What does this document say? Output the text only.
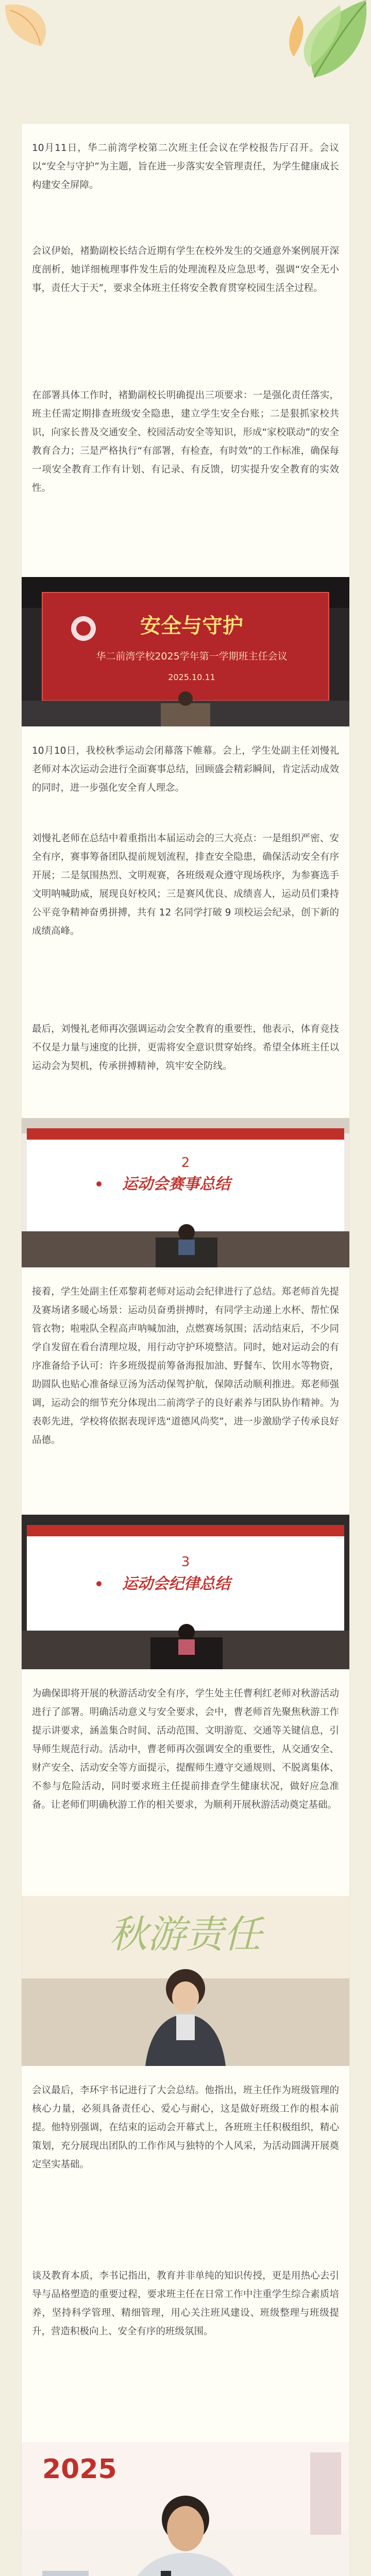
10月11日，华二前湾学校第二次班主任会议在学校报告厅召开。会议以“安全与守护”为主题，旨在进一步落实安全管理责任，为学生健康成长构建安全屏障。
会议伊始，褚勤副校长结合近期有学生在校外发生的交通意外案例展开深度剖析，她详细梳理事件发生后的处理流程及应急思考，强调“安全无小事，责任大于天”，要求全体班主任将安全教育贯穿校园生活全过程。
在部署具体工作时，褚勤副校长明确提出三项要求：一是强化责任落实，班主任需定期排查班级安全隐患，建立学生安全台账；二是狠抓家校共识，向家长普及交通安全、校园活动安全等知识，形成“家校联动”的安全教育合力；三是严格执行“有部署，有检查，有时效”的工作标准，确保每一项安全教育工作有计划、有记录、有反馈，切实提升安全教育的实效性。
安全与守护
华二前湾学校2025学年第一学期班主任会议
2025.10.11
10月10日，我校秋季运动会闭幕落下帷幕。会上，学生处副主任刘慢礼老师对本次运动会进行全面赛事总结，回顾盛会精彩瞬间，肯定活动成效的同时，进一步强化安全育人理念。
刘慢礼老师在总结中着重指出本届运动会的三大亮点：一是组织严密、安全有序，赛事筹备团队提前规划流程，排查安全隐患，确保活动安全有序开展；二是氛围热烈、文明观赛，各班级观众遵守现场秩序，为参赛选手文明呐喊助威，展现良好校风；三是赛风优良、成绩喜人，运动员们秉持公平竞争精神奋勇拼搏，共有 12 名同学打破 9 项校运会纪录，创下新的成绩高峰。
最后，刘慢礼老师再次强调运动会安全教育的重要性，他表示，体育竞技不仅是力量与速度的比拼，更需将安全意识贯穿始终。希望全体班主任以运动会为契机，传承拼搏精神，筑牢安全防线。
2
运动会赛事总结
接着，学生处副主任邓黎莉老师对运动会纪律进行了总结。郑老师首先提及赛场诸多暖心场景：运动员奋勇拼搏时，有同学主动递上水杯、帮忙保管衣物；啦啦队全程高声呐喊加油，点燃赛场氛围；活动结束后，不少同学自发留在看台清理垃圾，用行动守护环境整洁。同时，她对运动会的有序准备给予认可：许多班级提前筹备海报加油、野餐车、饮用水等物资，助圆队也贴心准备绿豆汤为活动保驾护航，保障活动顺利推进。郑老师强调，运动会的细节充分体现出二前湾学子的良好素养与团队协作精神。为表彰先进，学校将依据表现评选“道德风尚奖”，进一步激励学子传承良好品德。
3
运动会纪律总结
为确保即将开展的秋游活动安全有序，学生处主任曹利红老师对秋游活动进行了部署。明确活动意义与安全要求，会中，曹老师首先聚焦秋游工作提示讲要求，涵盖集合时间、活动范围、文明游览、交通等关键信息，引导师生规范行动。活动中，曹老师再次强调安全的重要性，从交通安全、财产安全、活动安全等方面提示，提醒师生遵守交通规则、不脱离集体、不参与危险活动，同时要求班主任提前排查学生健康状况，做好应急准备。让老师们明确秋游工作的相关要求，为顺利开展秋游活动奠定基础。
秋游责任
会议最后，李环宇书记进行了大会总结。他指出，班主任作为班级管理的核心力量，必须具备责任心、爱心与耐心，这是做好班级工作的根本前提。他特别强调，在结束的运动会开幕式上，各班班主任积极组织，精心策划，充分展现出团队的工作作风与独特的个人风采，为活动圆满开展奠定坚实基础。
谈及教育本质，李书记指出，教育并非单纯的知识传授，更是用热心去引导与品格塑造的重要过程，要求班主任在日常工作中注重学生综合素质培养，坚持科学管理、精细管理，用心关注班风建设、班级整理与班级提升，营造积极向上、安全有序的班级氛围。
2025
